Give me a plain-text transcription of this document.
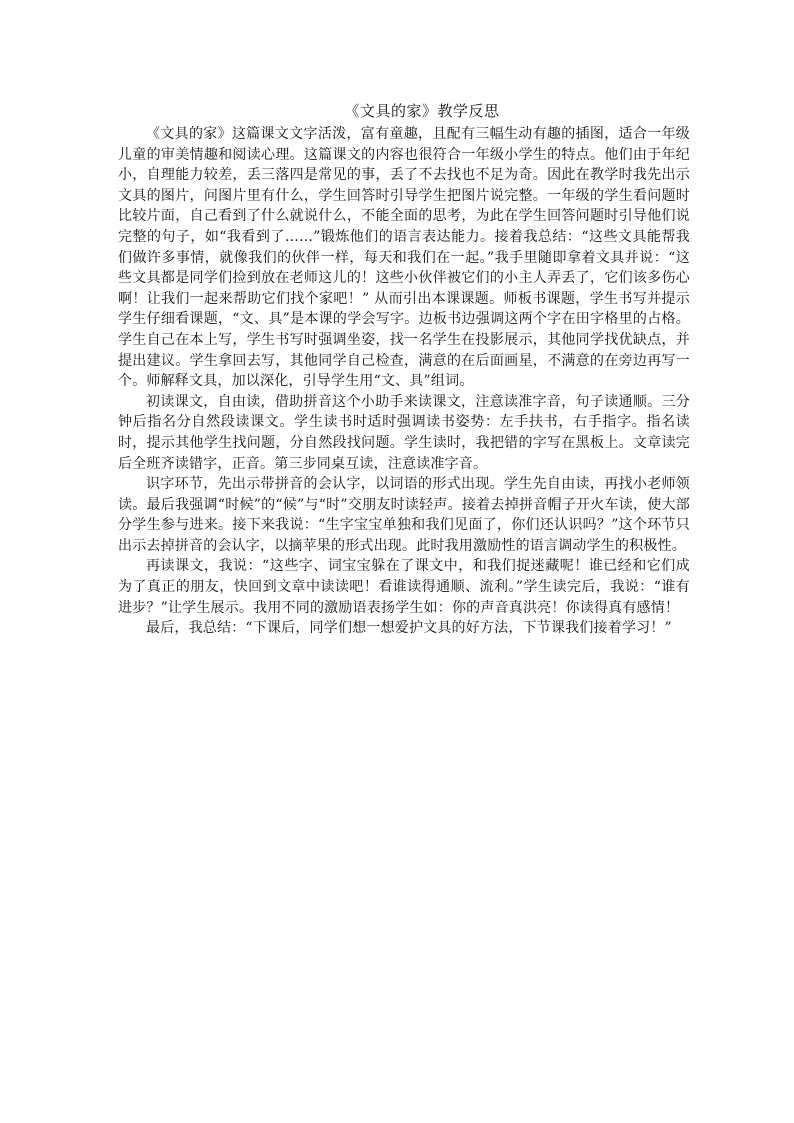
《文具的家》教学反思

《文具的家》这篇课文文字活泼，富有童趣，且配有三幅生动有趣的插图，适合一年级儿童的审美情趣和阅读心理。这篇课文的内容也很符合一年级小学生的特点。他们由于年纪小，自理能力较差，丢三落四是常见的事，丢了不去找也不足为奇。因此在教学时我先出示文具的图片，问图片里有什么，学生回答时引导学生把图片说完整。一年级的学生看问题时比较片面，自己看到了什么就说什么，不能全面的思考，为此在学生回答问题时引导他们说完整的句子，如“我看到了……”锻炼他们的语言表达能力。接着我总结：“这些文具能帮我们做许多事情，就像我们的伙伴一样，每天和我们在一起。”我手里随即拿着文具并说：“这些文具都是同学们捡到放在老师这儿的！这些小伙伴被它们的小主人弄丢了，它们该多伤心啊！让我们一起来帮助它们找个家吧！” 从而引出本课课题。师板书课题，学生书写并提示学生仔细看课题，“文、具”是本课的学会写字。边板书边强调这两个字在田字格里的占格。学生自己在本上写，学生书写时强调坐姿，找一名学生在投影展示，其他同学找优缺点，并提出建议。学生拿回去写，其他同学自己检查，满意的在后面画星，不满意的在旁边再写一个。师解释文具，加以深化，引导学生用“文、具”组词。

初读课文，自由读，借助拼音这个小助手来读课文，注意读准字音，句子读通顺。三分钟后指名分自然段读课文。学生读书时适时强调读书姿势：左手扶书，右手指字。指名读时，提示其他学生找问题，分自然段找问题。学生读时，我把错的字写在黑板上。文章读完后全班齐读错字，正音。第三步同桌互读，注意读准字音。

识字环节，先出示带拼音的会认字，以词语的形式出现。学生先自由读，再找小老师领读。最后我强调“时候”的“候”与“时”交朋友时读轻声。接着去掉拼音帽子开火车读，使大部分学生参与进来。接下来我说：“生字宝宝单独和我们见面了，你们还认识吗？”这个环节只出示去掉拼音的会认字，以摘苹果的形式出现。此时我用激励性的语言调动学生的积极性。

再读课文，我说：“这些字、词宝宝躲在了课文中，和我们捉迷藏呢！谁已经和它们成为了真正的朋友，快回到文章中读读吧！看谁读得通顺、流利。”学生读完后，我说：“谁有进步？”让学生展示。我用不同的激励语表扬学生如：你的声音真洪亮！你读得真有感情！

最后，我总结：“下课后，同学们想一想爱护文具的好方法，下节课我们接着学习！”
